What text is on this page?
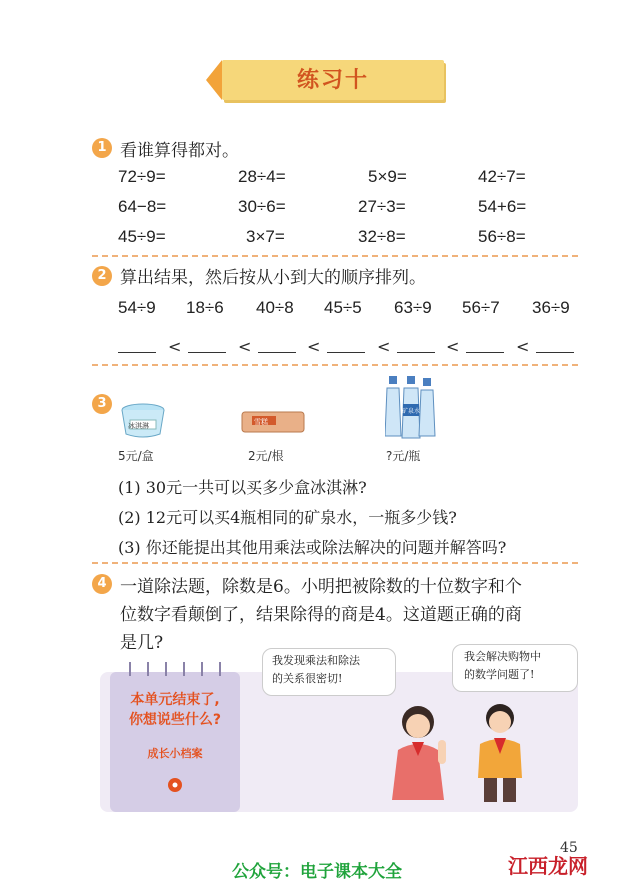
练习十
1 看谁算得都对。
72÷9=	28÷4=	5×9=	42÷7=
64−8=	30÷6=	27÷3=	54+6=
45÷9=	3×7=	32÷8=	56÷8=
2 算出结果，然后按从小到大的顺序排列。
54÷9 18÷6 40÷8 45÷5 63÷9 56÷7 36÷9
<	<	<	<	<	<
3
冰淇淋
5元/盒
雪糕
2元/根
矿泉水
?元/瓶
(1) 30元一共可以买多少盒冰淇淋?
(2) 12元可以买4瓶相同的矿泉水，一瓶多少钱?
(3) 你还能提出其他用乘法或除法解决的问题并解答吗?
4 一道除法题，除数是6。小明把被除数的十位数字和个
位数字看颠倒了，结果除得的商是4。这道题正确的商
是几?
本单元结束了,
你想说些什么?
成长小档案
我发现乘法和除法
的关系很密切!
我会解决购物中
的数学问题了!
45
公众号：电子课本大全	江西龙网
